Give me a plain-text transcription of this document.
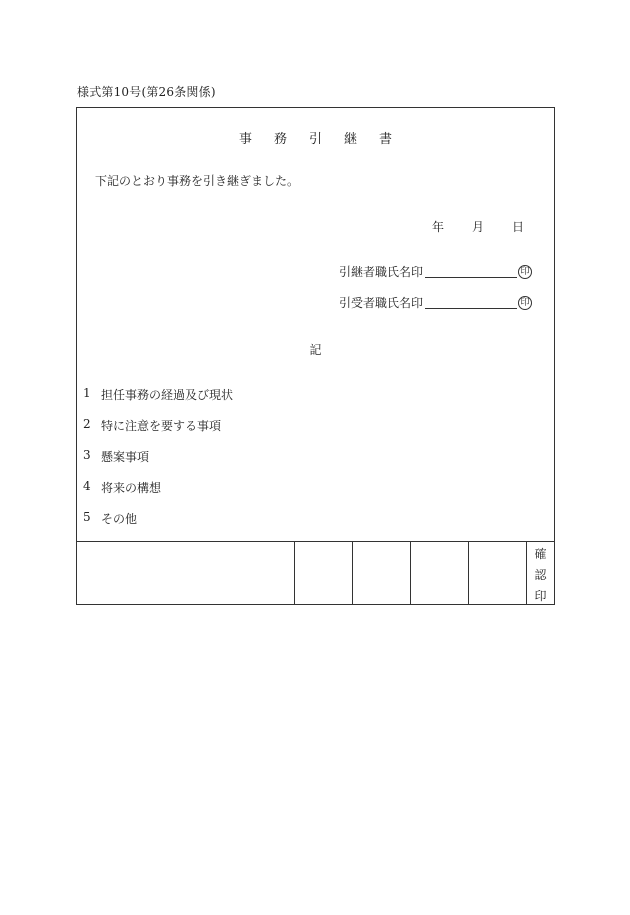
様式第10号(第26条関係)
事 務 引 継 書
下記のとおり事務を引き継ぎました。
年 月 日
引継者職氏名印	印
引受者職氏名印	印
記
1 担任事務の経過及び現状
2 特に注意を要する事項
3 懸案事項
4 将来の構想
5 その他
確
認
印
